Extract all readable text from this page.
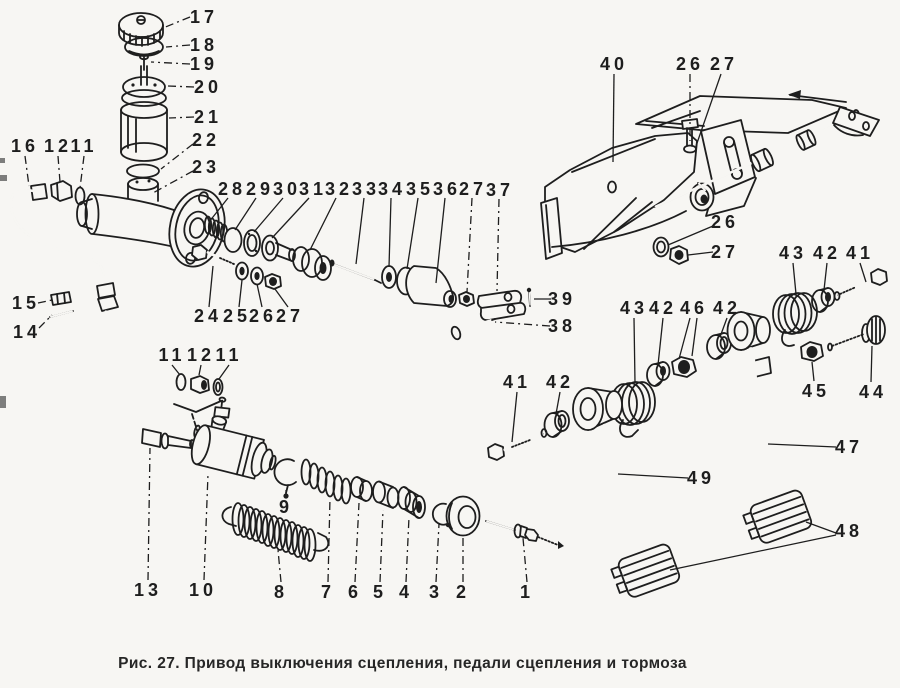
17
18
19
20
21
22
23
16 12
11
28 29
30
31
32
33
34 35
36
27
37
24 25
26
27
39
38
40	26 27
26
27 43 42 41
43 42 46 42
41 42	45 44
47
49
48
13 10	8
9
7 6 5 4 3 2	1
15
14
11 12 11
Рис. 27. Привод выключения сцепления, педали сцепления и тормоза
